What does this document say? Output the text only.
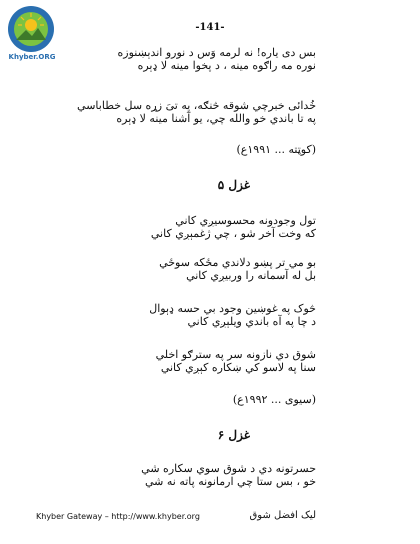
Khyber.ORG
-141-
بس دی یاره! نه لرمه وَس د نورو اندېښنوزه
نوره مه راګوه مینه ، د پخوا مینه لا ډېره
خُدائی خبرچي شوقه څنګه، په تیَ زړه سل خطاباسي
په تا باندي خو والله چي، یو آشنا مینه لا ډېره
(کوټته ... ۱۹۹۱ع)
غزل ۵
تول وجودونه محسوسیږي کاني
که وخت آخر شو ، چي ژغمېږي کاني
بو مي تر پښو دلاندي مځکه سوځي
بل له آسمانه را وربیږي کاني
څوک په غوښین وجود بي حسه ډېوال
د چا په آه باندي ویلېږي کاني
شوق دي نازونه سر په سترګو اخلي
سنا په لاسو کي ښکاره کېږي کاني
(سیوی ... ۱۹۹۲ع)
غزل ۶
حسرتونه دي د شوق سوي سکاره شي
خو ، بس ستا چي ارمانونه پاته نه شي
Khyber Gateway – http://www.khyber.org	لیک افضل شوق
